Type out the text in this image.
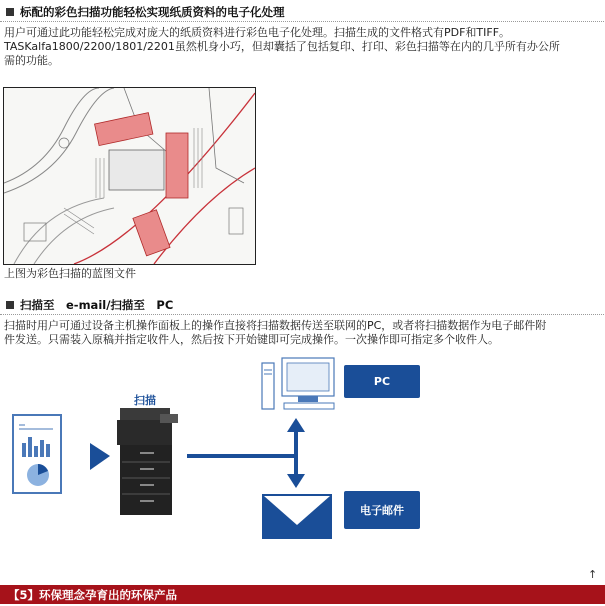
标配的彩色扫描功能轻松实现纸质资料的电子化处理
用户可通过此功能轻松完成对庞大的纸质资料进行彩色电子化处理。扫描生成的文件格式有PDF和TIFF。
TASKalfa1800/2200/1801/2201虽然机身小巧，但却囊括了包括复印、打印、彩色扫描等在内的几乎所有办公所
需的功能。
上图为彩色扫描的蓝图文件
扫描至　e-mail/扫描至　PC
扫描时用户可通过设备主机操作面板上的操作直接将扫描数据传送至联网的PC，或者将扫描数据作为电子邮件附
件发送。只需装入原稿并指定收件人，然后按下开始键即可完成操作。一次操作即可指定多个收件人。
扫描
PC
电子邮件
↑
【5】环保理念孕育出的环保产品
